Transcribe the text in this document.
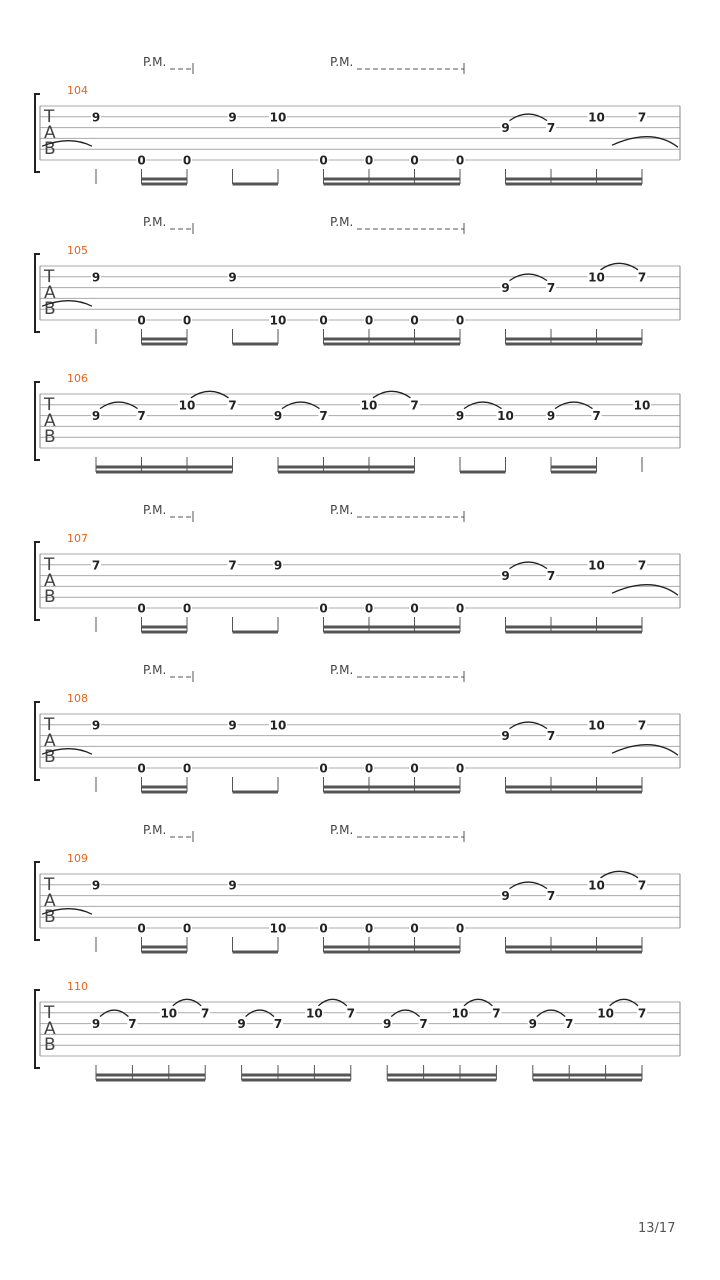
P.M.	P.M.
104
T
A
B
9
0	0
9	10
0	0	0	0
9	7
10	7
P.M.	P.M.
105
T
A
B
9
0	0
9
10	0	0	0	0
9	7
10	7
106
T
A
B
9	7
10	7
9	7
10	7
9	10	9	7
10
P.M.	P.M.
107
T
A
B
7
0	0
7	9
0	0	0	0
9	7
10	7
P.M.	P.M.
108
T
A
B
9
0	0
9	10
0	0	0	0
9	7
10	7
P.M.	P.M.
109
T
A
B
9
0	0
9
10	0	0	0	0
9	7
10	7
110
T
A
B
9 7
10 7
9 7
10 7
9 7
10 7
9 7
10 7
13/17
